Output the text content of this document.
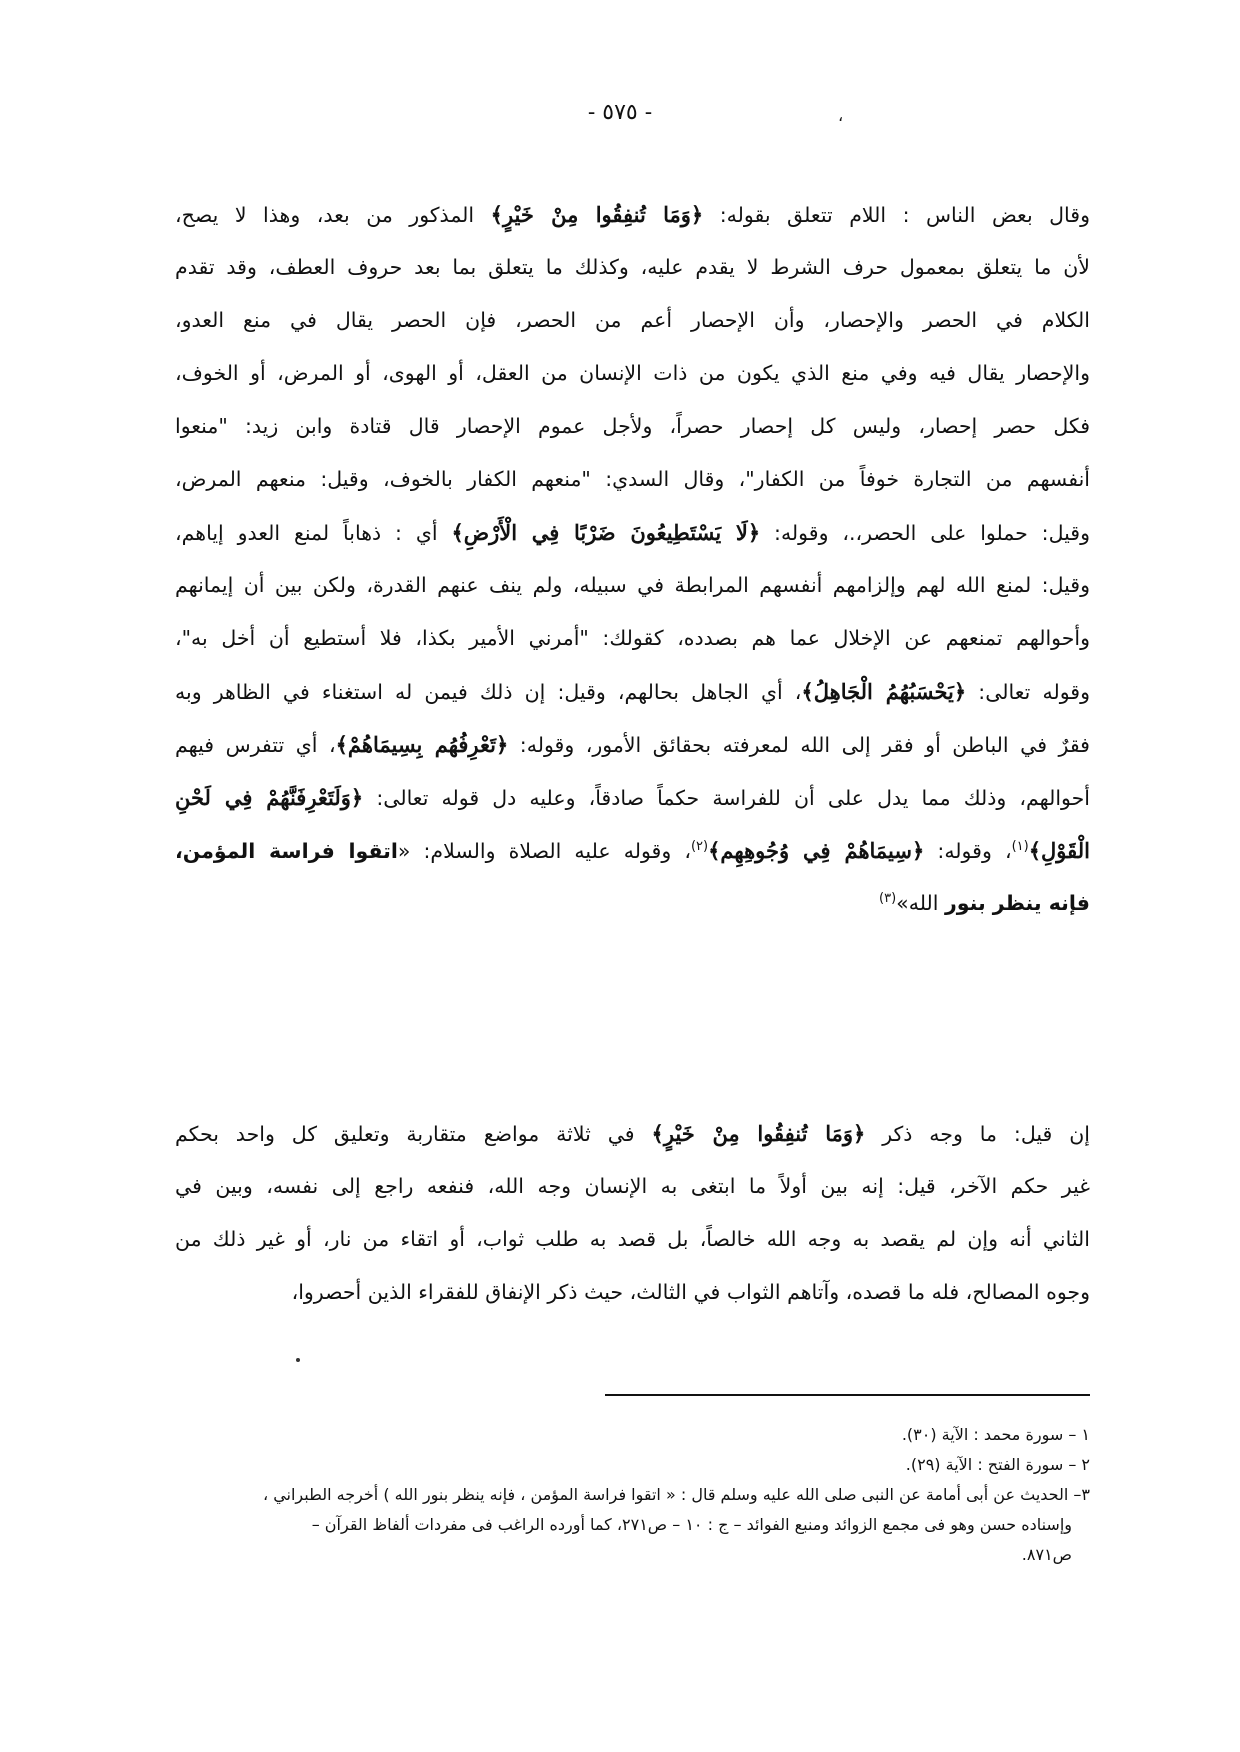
- ٥٧٥ -	،
وقال بعض الناس : اللام تتعلق بقوله: ﴿وَمَا تُنفِقُوا مِنْ خَيْرٍ﴾ المذكور من بعد، وهذا لا يصح،
لأن ما يتعلق بمعمول حرف الشرط لا يقدم عليه، وكذلك ما يتعلق بما بعد حروف العطف، وقد تقدم
الكلام في الحصر والإحصار، وأن الإحصار أعم من الحصر، فإن الحصر يقال في منع العدو،
والإحصار يقال فيه وفي منع الذي يكون من ذات الإنسان من العقل، أو الهوى، أو المرض، أو الخوف،
فكل حصر إحصار، وليس كل إحصار حصراً، ولأجل عموم الإحصار قال قتادة وابن زيد: "منعوا
أنفسهم من التجارة خوفاً من الكفار"، وقال السدي: "منعهم الكفار بالخوف، وقيل: منعهم المرض،
وقيل: حملوا على الحصر،.، وقوله: ﴿لَا يَسْتَطِيعُونَ ضَرْبًا فِي الْأَرْضِ﴾ أي : ذهاباً لمنع العدو إياهم،
وقيل: لمنع الله لهم وإلزامهم أنفسهم المرابطة في سبيله، ولم ينف عنهم القدرة، ولكن بين أن إيمانهم
وأحوالهم تمنعهم عن الإخلال عما هم بصدده، كقولك: "أمرني الأمير بكذا، فلا أستطيع أن أخل به"،
وقوله تعالى: ﴿يَحْسَبُهُمُ الْجَاهِلُ﴾، أي الجاهل بحالهم، وقيل: إن ذلك فيمن له استغناء في الظاهر وبه
فقرٌ في الباطن أو فقر إلى الله لمعرفته بحقائق الأمور، وقوله: ﴿تَعْرِفُهُم بِسِيمَاهُمْ﴾، أي تتفرس فيهم
أحوالهم، وذلك مما يدل على أن للفراسة حكماً صادقاً، وعليه دل قوله تعالى: ﴿وَلَتَعْرِفَنَّهُمْ فِي لَحْنِ
الْقَوْلِ﴾$^{(١)}$، وقوله: ﴿سِيمَاهُمْ فِي وُجُوهِهِم﴾$^{(٢)}$، وقوله عليه الصلاة والسلام: «اتقوا فراسة المؤمن،
فإنه ينظر بنور الله»$^{(٣)}$
إن قيل: ما وجه ذكر ﴿وَمَا تُنفِقُوا مِنْ خَيْرٍ﴾ في ثلاثة مواضع متقاربة وتعليق كل واحد بحكم
غير حكم الآخر، قيل: إنه بين أولاً ما ابتغى به الإنسان وجه الله، فنفعه راجع إلى نفسه، وبين في
الثاني أنه وإن لم يقصد به وجه الله خالصاً، بل قصد به طلب ثواب، أو اتقاء من نار، أو غير ذلك من
وجوه المصالح، فله ما قصده، وآتاهم الثواب في الثالث، حيث ذكر الإنفاق للفقراء الذين أحصروا،
١ – سورة محمد : الآية (٣٠).
٢ – سورة الفتح : الآية (٢٩).
٣– الحديث عن أبى أمامة عن النبى صلى الله عليه وسلم قال : « اتقوا فراسة المؤمن ، فإنه ينظر بنور الله ) أخرجه الطبراني ،
وإسناده حسن وهو فى مجمع الزوائد ومنبع الفوائد – ج : ١٠ – ص٢٧١، كما أورده الراغب فى مفردات ألفاظ القرآن –
ص٨٧١.
